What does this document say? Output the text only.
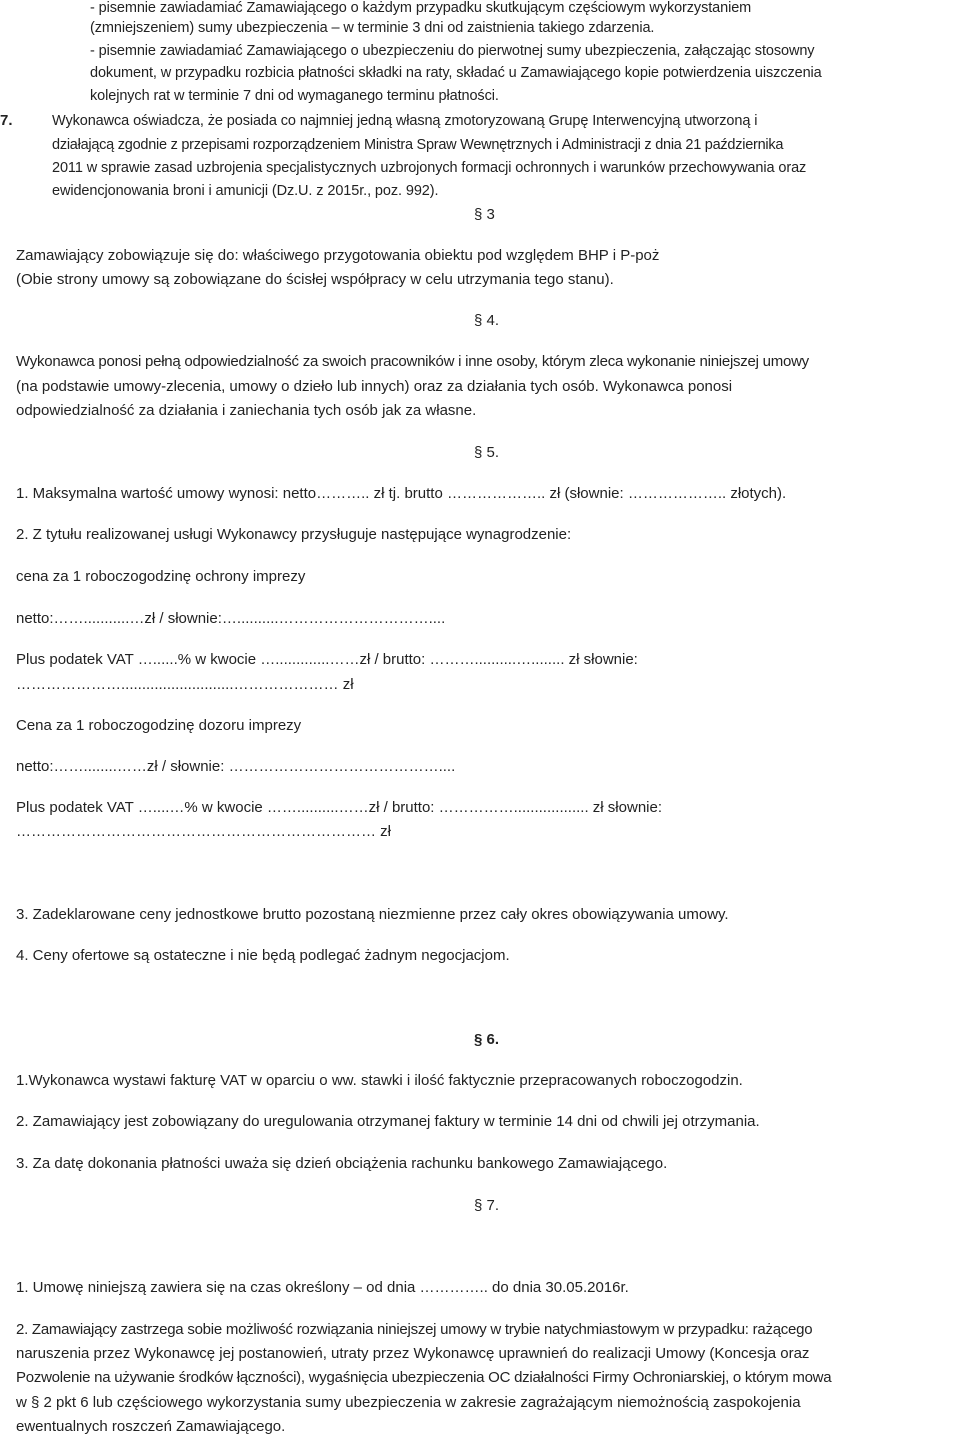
- pisemnie zawiadamiać Zamawiającego o każdym przypadku skutkującym częściowym wykorzystaniem
(zmniejszeniem) sumy ubezpieczenia – w terminie 3 dni od zaistnienia takiego zdarzenia.
- pisemnie zawiadamiać Zamawiającego o ubezpieczeniu do pierwotnej sumy ubezpieczenia, załączając stosowny
dokument, w przypadku rozbicia płatności składki na raty, składać u Zamawiającego kopie potwierdzenia uiszczenia
kolejnych rat w terminie 7 dni od wymaganego terminu płatności.
7.	Wykonawca oświadcza, że posiada co najmniej jedną własną zmotoryzowaną Grupę Interwencyjną utworzoną i
działającą zgodnie z przepisami rozporządzeniem Ministra Spraw Wewnętrznych i Administracji z dnia 21 października
2011 w sprawie zasad uzbrojenia specjalistycznych uzbrojonych formacji ochronnych i warunków przechowywania oraz
ewidencjonowania broni i amunicji (Dz.U. z 2015r., poz. 992).
§ 3
Zamawiający zobowiązuje się do: właściwego przygotowania obiektu pod względem BHP i P-poż
(Obie strony umowy są zobowiązane do ścisłej współpracy w celu utrzymania tego stanu).
§ 4.
Wykonawca ponosi pełną odpowiedzialność za swoich pracowników i inne osoby, którym zleca wykonanie niniejszej umowy
(na podstawie umowy-zlecenia, umowy o dzieło lub innych) oraz za działania tych osób. Wykonawca ponosi
odpowiedzialność za działania i zaniechania tych osób jak za własne.
§ 5.
1. Maksymalna wartość umowy wynosi: netto……….. zł tj. brutto ……………….. zł (słownie: ……………….. złotych).
2. Z tytułu realizowanej usługi Wykonawcy przysługuje następujące wynagrodzenie:
cena za 1 roboczogodzinę ochrony imprezy
netto:……...........…zł / słownie:…..........…………………………....
Plus podatek VAT …......% w kwocie ….............……zł / brutto: ………..........…........ zł słownie:
…………………...........................………………… zł
Cena za 1 roboczogodzinę dozoru imprezy
netto:……........……zł / słownie: ……………………………………....
Plus podatek VAT …....…% w kwocie ……..........……zł / brutto: …………….................. zł słownie:
……………………………………………………………… zł
3. Zadeklarowane ceny jednostkowe brutto pozostaną niezmienne przez cały okres obowiązywania umowy.
4. Ceny ofertowe są ostateczne i nie będą podlegać żadnym negocjacjom.
§ 6.
1.Wykonawca wystawi fakturę VAT w oparciu o ww. stawki i ilość faktycznie przepracowanych roboczogodzin.
2. Zamawiający jest zobowiązany do uregulowania otrzymanej faktury w terminie 14 dni od chwili jej otrzymania.
3. Za datę dokonania płatności uważa się dzień obciążenia rachunku bankowego Zamawiającego.
§ 7.
1. Umowę niniejszą zawiera się na czas określony – od dnia ………….. do dnia 30.05.2016r.
2. Zamawiający zastrzega sobie możliwość rozwiązania niniejszej umowy w trybie natychmiastowym w przypadku: rażącego
naruszenia przez Wykonawcę jej postanowień, utraty przez Wykonawcę uprawnień do realizacji Umowy (Koncesja oraz
Pozwolenie na używanie środków łączności), wygaśnięcia ubezpieczenia OC działalności Firmy Ochroniarskiej, o którym mowa
w § 2 pkt 6 lub częściowego wykorzystania sumy ubezpieczenia w zakresie zagrażającym niemożnością zaspokojenia
ewentualnych roszczeń Zamawiającego.
